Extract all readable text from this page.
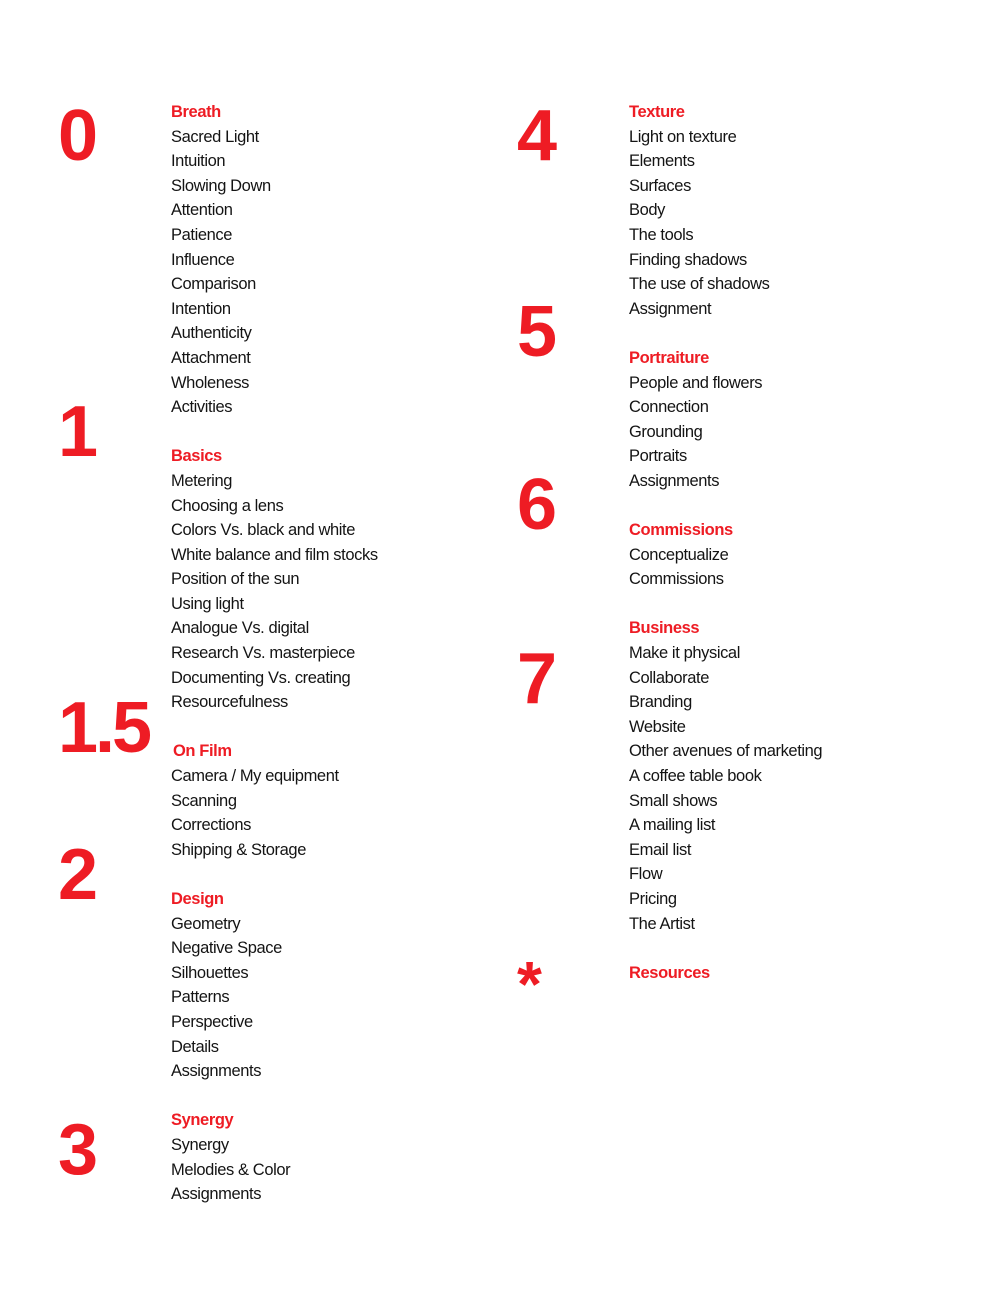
0
1
1.5
2
3
4
5
6
7
*
Breath
Sacred Light
Intuition
Slowing Down
Attention
Patience
Influence
Comparison
Intention
Authenticity
Attachment
Wholeness
Activities
Basics
Metering
Choosing a lens
Colors Vs. black and white
White balance and film stocks
Position of the sun
Using light
Analogue Vs. digital
Research Vs. masterpiece
Documenting Vs. creating
Resourcefulness
On Film
Camera / My equipment
Scanning
Corrections
Shipping & Storage
Design
Geometry
Negative Space
Silhouettes
Patterns
Perspective
Details
Assignments
Synergy
Synergy
Melodies & Color
Assignments
Texture
Light on texture
Elements
Surfaces
Body
The tools
Finding shadows
The use of shadows
Assignment
Portraiture
People and flowers
Connection
Grounding
Portraits
Assignments
Commissions
Conceptualize
Commissions
Business
Make it physical
Collaborate
Branding
Website
Other avenues of marketing
A coffee table book
Small shows
A mailing list
Email list
Flow
Pricing
The Artist
Resources
